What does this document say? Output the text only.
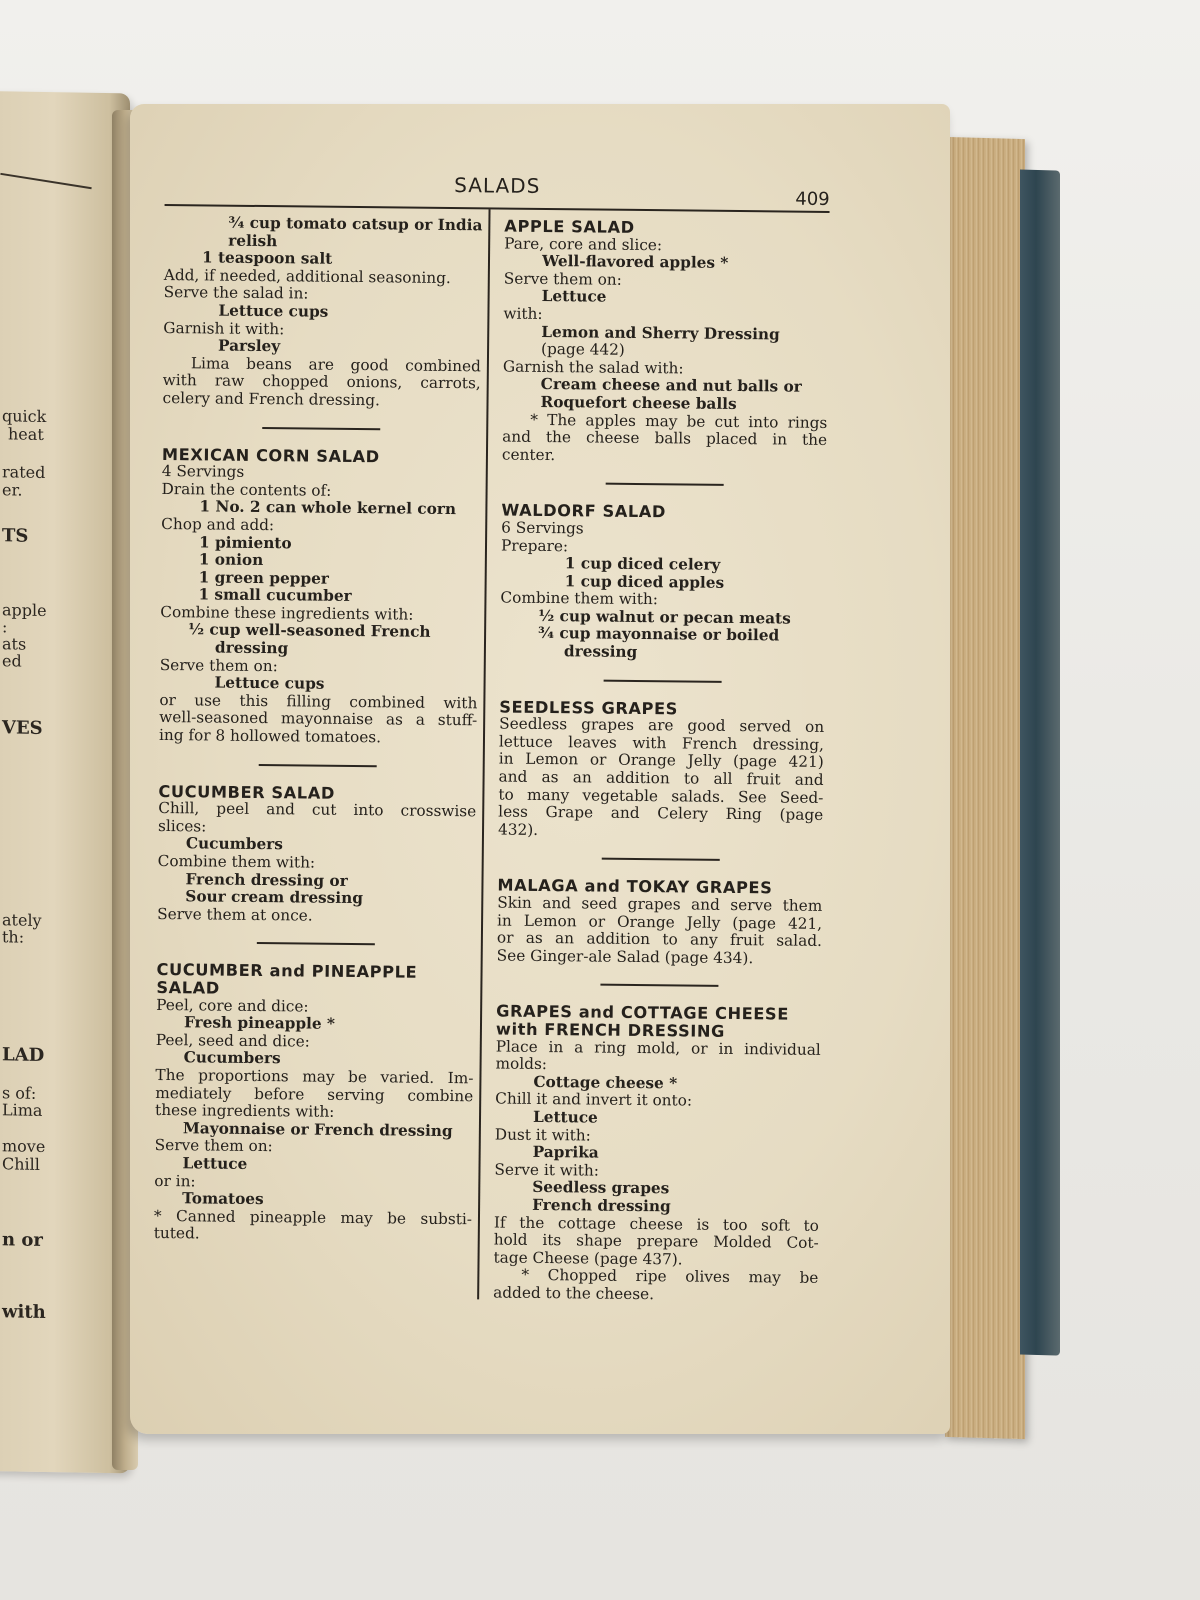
quick
heat
rated
er.
TS
apple
:
ats
ed
VES
ately
th:
LAD
s of:
Lima
move
Chill
n or
with
SALADS
409
¾ cup tomato catsup or India
relish
1 teaspoon salt
Add, if needed, additional seasoning.
Serve the salad in:
Lettuce cups
Garnish it with:
Parsley
Lima beans are good combined
with raw chopped onions, carrots,
celery and French dressing.
MEXICAN CORN SALAD
4 Servings
Drain the contents of:
1 No. 2 can whole kernel corn
Chop and add:
1 pimiento
1 onion
1 green pepper
1 small cucumber
Combine these ingredients with:
½ cup well-seasoned French
dressing
Serve them on:
Lettuce cups
or use this filling combined with
well-seasoned mayonnaise as a stuff-
ing for 8 hollowed tomatoes.
CUCUMBER SALAD
Chill, peel and cut into crosswise
slices:
Cucumbers
Combine them with:
French dressing or
Sour cream dressing
Serve them at once.
CUCUMBER and PINEAPPLE
SALAD
Peel, core and dice:
Fresh pineapple *
Peel, seed and dice:
Cucumbers
The proportions may be varied. Im-
mediately before serving combine
these ingredients with:
Mayonnaise or French dressing
Serve them on:
Lettuce
or in:
Tomatoes
* Canned pineapple may be substi-
tuted.
APPLE SALAD
Pare, core and slice:
Well-flavored apples *
Serve them on:
Lettuce
with:
Lemon and Sherry Dressing
(page 442)
Garnish the salad with:
Cream cheese and nut balls or
Roquefort cheese balls
* The apples may be cut into rings
and the cheese balls placed in the
center.
WALDORF SALAD
6 Servings
Prepare:
1 cup diced celery
1 cup diced apples
Combine them with:
½ cup walnut or pecan meats
¾ cup mayonnaise or boiled
dressing
SEEDLESS GRAPES
Seedless grapes are good served on
lettuce leaves with French dressing,
in Lemon or Orange Jelly (page 421)
and as an addition to all fruit and
to many vegetable salads. See Seed-
less Grape and Celery Ring (page
432).
MALAGA and TOKAY GRAPES
Skin and seed grapes and serve them
in Lemon or Orange Jelly (page 421,
or as an addition to any fruit salad.
See Ginger-ale Salad (page 434).
GRAPES and COTTAGE CHEESE
with FRENCH DRESSING
Place in a ring mold, or in individual
molds:
Cottage cheese *
Chill it and invert it onto:
Lettuce
Dust it with:
Paprika
Serve it with:
Seedless grapes
French dressing
If the cottage cheese is too soft to
hold its shape prepare Molded Cot-
tage Cheese (page 437).
* Chopped ripe olives may be
added to the cheese.
